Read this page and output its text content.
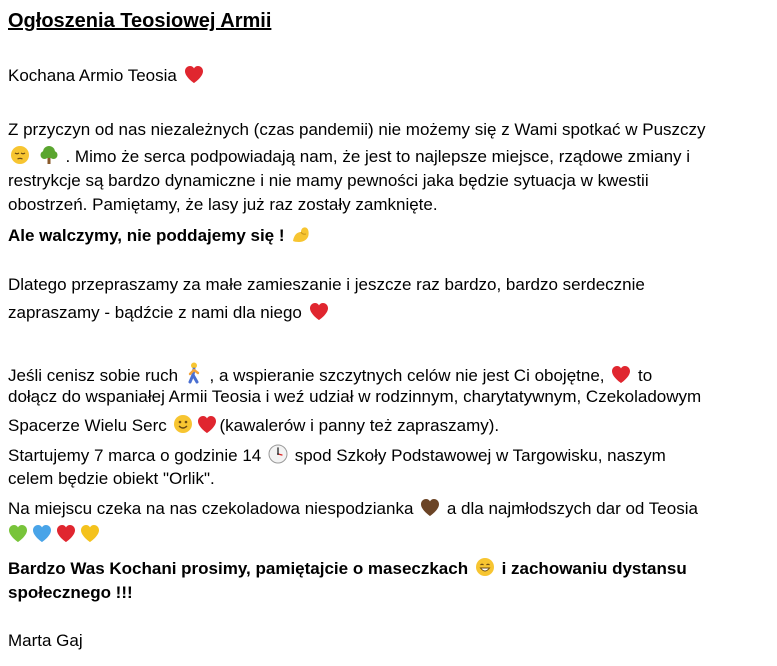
Ogłoszenia Teosiowej Armii
Kochana Armio Teosia
Z przyczyn od nas niezależnych (czas pandemii) nie możemy się z Wami spotkać w Puszczy

. Mimo że serca podpowiadają nam, że jest to najlepsze miejsce, rządowe zmiany i
restrykcje są bardzo dynamiczne i nie mamy pewności jaka będzie sytuacja w kwestii
obostrzeń. Pamiętamy, że lasy już raz zostały zamknięte.
Ale walczymy, nie poddajemy się !
Dlatego przepraszamy za małe zamieszanie i jeszcze raz bardzo, bardzo serdecznie
zapraszamy - bądźcie z nami dla niego
Jeśli cenisz sobie ruch , a wspieranie szczytnych celów nie jest Ci obojętne, to
dołącz do wspaniałej Armii Teosia i weź udział w rodzinnym, charytatywnym, Czekoladowym
Spacerze Wielu Serc	(kawalerów i panny też zapraszamy).
Startujemy 7 marca o godzinie 14 spod Szkoły Podstawowej w Targowisku, naszym
celem będzie obiekt "Orlik".
Na miejscu czeka na nas czekoladowa niespodzianka a dla najmłodszych dar od Teosia
Bardzo Was Kochani prosimy, pamiętajcie o maseczkach i zachowaniu dystansu
społecznego !!!
Marta Gaj
